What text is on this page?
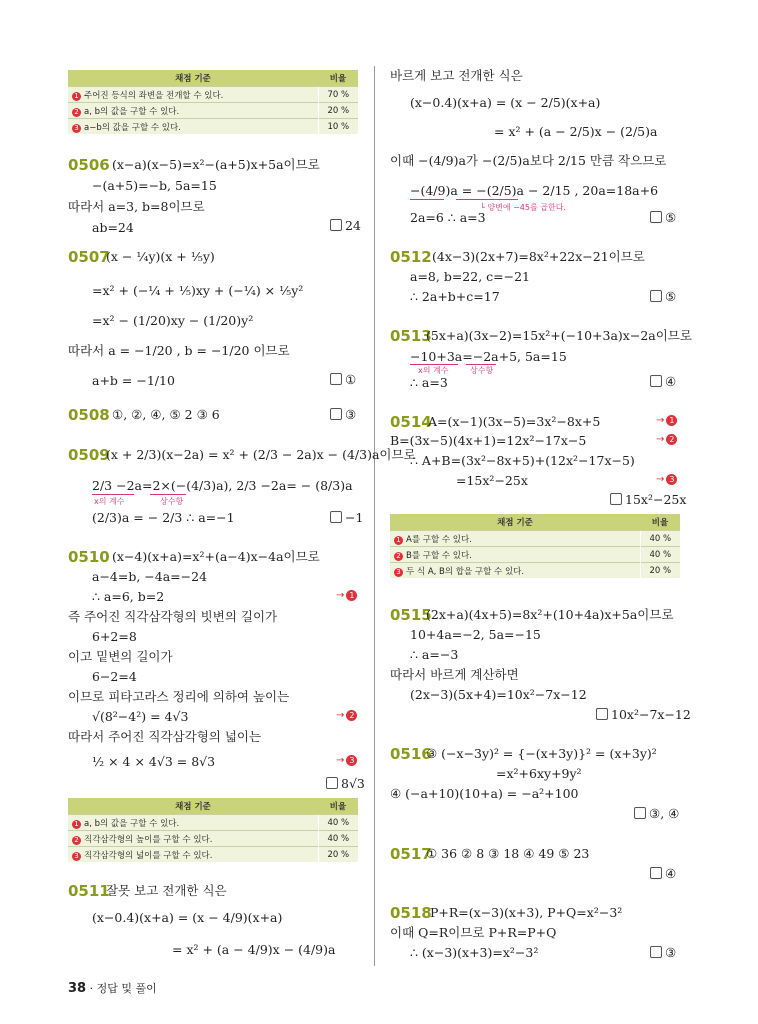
채점 기준	비율
1 주어진 등식의 좌변을 전개할 수 있다.	70 %
2 a, b의 값을 구할 수 있다.	20 %
3 a−b의 값을 구할 수 있다.	10 %
0506 (x−a)(x−5)=x²−(a+5)x+5a이므로
−(a+5)=−b, 5a=15
따라서 a=3, b=8이므로
ab=24	24
0507
(x − ¼y)(x + ⅕y)
=x² + (−¼ + ⅕)xy + (−¼) × ⅕y²
=x² − (1/20)xy − (1/20)y²
따라서 a = −1/20 , b = −1/20 이므로
a+b = −1/10	①
0508 ①, ②, ④, ⑤ 2 ③ 6	③
0509
(x + 2/3)(x−2a) = x² + (2/3 − 2a)x − (4/3)a이므로
2/3 −2a=2×(−(4/3)a), 2/3 −2a= − (8/3)a
x의 계수	상수항
(2/3)a = − 2/3 ∴ a=−1	−1
0510 (x−4)(x+a)=x²+(a−4)x−4a이므로
a−4=b, −4a=−24
∴ a=6, b=2	→ 1
즉 주어진 직각삼각형의 빗변의 길이가
6+2=8
이고 밑변의 길이가
6−2=4
이므로 피타고라스 정리에 의하여 높이는
√(8²−4²) = 4√3	→ 2
따라서 주어진 직각삼각형의 넓이는
½ × 4 × 4√3 = 8√3	→ 3
8√3
채점 기준	비율
1 a, b의 값을 구할 수 있다.	40 %
2 직각삼각형의 높이를 구할 수 있다.	40 %
3 직각삼각형의 넓이를 구할 수 있다.	20 %
0511
잘못 보고 전개한 식은
(x−0.4̇)(x+a) = (x − 4/9)(x+a)
= x² + (a − 4/9)x − (4/9)a
38 · 정답 및 풀이
바르게 보고 전개한 식은
(x−0.4)(x+a) = (x − 2/5)(x+a)
= x² + (a − 2/5)x − (2/5)a
이때 −(4/9)a가 −(2/5)a보다 2/15 만큼 작으므로
−(4/9)a = −(2/5)a − 2/15 , 20a=18a+6
└ 양변에 −45를 곱한다.
2a=6 ∴ a=3	⑤
0512 (4x−3)(2x+7)=8x²+22x−21이므로
a=8, b=22, c=−21
∴ 2a+b+c=17	⑤
0513
(5x+a)(3x−2)=15x²+(−10+3a)x−2a이므로
−10+3a=−2a+5, 5a=15
x의 계수	상수항
∴ a=3	④
0514
A=(x−1)(3x−5)=3x²−8x+5	→ 1
B=(3x−5)(4x+1)=12x²−17x−5	→ 2
∴ A+B=(3x²−8x+5)+(12x²−17x−5)
=15x²−25x	→ 3
15x²−25x
채점 기준	비율
1 A를 구할 수 있다.	40 %
2 B를 구할 수 있다.	40 %
3 두 식 A, B의 합을 구할 수 있다.	20 %
0515
(2x+a)(4x+5)=8x²+(10+4a)x+5a이므로
10+4a=−2, 5a=−15
∴ a=−3
따라서 바르게 계산하면
(2x−3)(5x+4)=10x²−7x−12
10x²−7x−12
0516
③ (−x−3y)² = {−(x+3y)}² = (x+3y)²
=x²+6xy+9y²
④ (−a+10)(10+a) = −a²+100
③, ④
0517
① 36 ② 8 ③ 18 ④ 49 ⑤ 23
④
0518
P+R=(x−3)(x+3), P+Q=x²−3²
이때 Q=R이므로 P+R=P+Q
∴ (x−3)(x+3)=x²−3²	③
